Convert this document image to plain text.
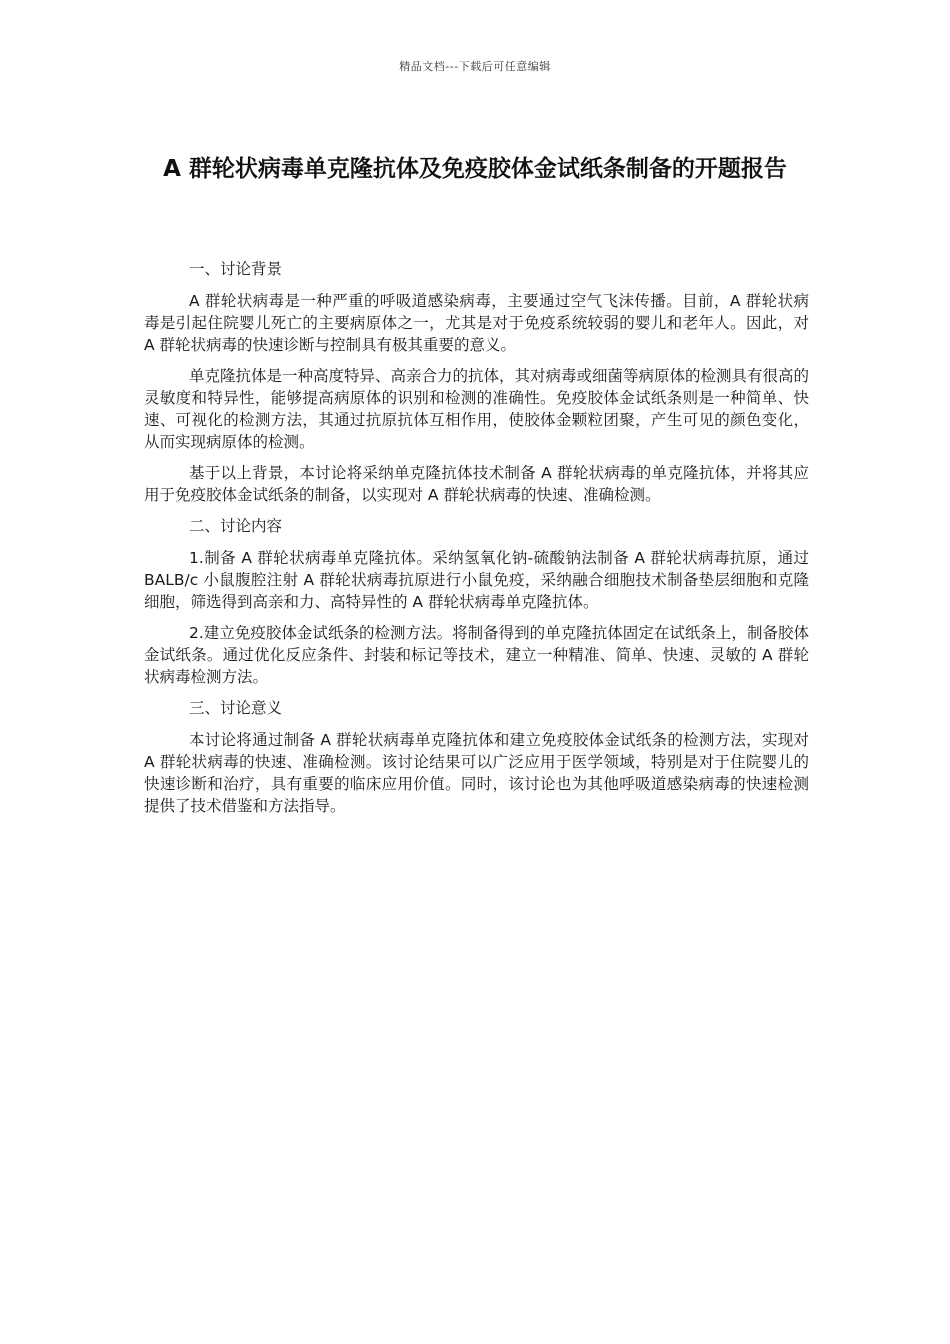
精品文档---下载后可任意编辑
A 群轮状病毒单克隆抗体及免疫胶体金试纸条制备的开题报告

一、讨论背景

A 群轮状病毒是一种严重的呼吸道感染病毒，主要通过空气飞沫传播。目前，A 群轮状病毒是引起住院婴儿死亡的主要病原体之一，尤其是对于免疫系统较弱的婴儿和老年人。因此，对 A 群轮状病毒的快速诊断与控制具有极其重要的意义。

单克隆抗体是一种高度特异、高亲合力的抗体，其对病毒或细菌等病原体的检测具有很高的灵敏度和特异性，能够提高病原体的识别和检测的准确性。免疫胶体金试纸条则是一种简单、快速、可视化的检测方法，其通过抗原抗体互相作用，使胶体金颗粒团聚，产生可见的颜色变化，从而实现病原体的检测。

基于以上背景，本讨论将采纳单克隆抗体技术制备 A 群轮状病毒的单克隆抗体，并将其应用于免疫胶体金试纸条的制备，以实现对 A 群轮状病毒的快速、准确检测。

二、讨论内容

1.制备 A 群轮状病毒单克隆抗体。采纳氢氧化钠-硫酸钠法制备 A 群轮状病毒抗原，通过 BALB/c 小鼠腹腔注射 A 群轮状病毒抗原进行小鼠免疫，采纳融合细胞技术制备垫层细胞和克隆细胞，筛选得到高亲和力、高特异性的 A 群轮状病毒单克隆抗体。

2.建立免疫胶体金试纸条的检测方法。将制备得到的单克隆抗体固定在试纸条上，制备胶体金试纸条。通过优化反应条件、封装和标记等技术，建立一种精准、简单、快速、灵敏的 A 群轮状病毒检测方法。

三、讨论意义

本讨论将通过制备 A 群轮状病毒单克隆抗体和建立免疫胶体金试纸条的检测方法，实现对 A 群轮状病毒的快速、准确检测。该讨论结果可以广泛应用于医学领域，特别是对于住院婴儿的快速诊断和治疗，具有重要的临床应用价值。同时，该讨论也为其他呼吸道感染病毒的快速检测提供了技术借鉴和方法指导。
